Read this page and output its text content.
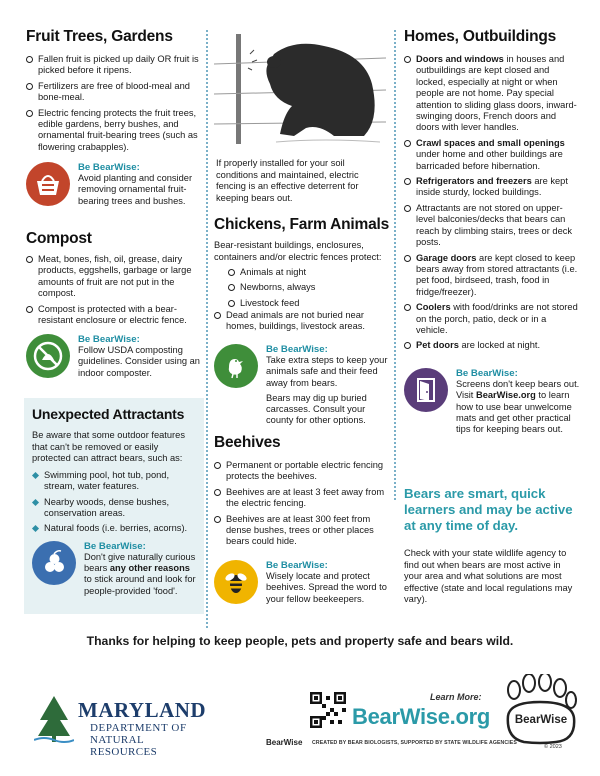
Fruit Trees, Gardens
Fallen fruit is picked up daily OR fruit is picked before it ripens.
Fertilizers are free of blood-meal and bone-meal.
Electric fencing protects the fruit trees, edible gardens, berry bushes, and ornamental fruit-bearing trees (such as flowering crabapples).
Be BearWise:
Avoid planting and consider removing ornamental fruit-bearing trees and bushes.
Compost
Meat, bones, fish, oil, grease, dairy products, eggshells, garbage or large amounts of fruit are not put in the compost.
Compost is protected with a bear-resistant enclosure or electric fence.
Be BearWise:
Follow USDA composting guidelines. Consider using an indoor composter.
Unexpected Attractants
Be aware that some outdoor features that can't be removed or easily protected can attract bears, such as:
Swimming pool, hot tub, pond, stream, water features.
Nearby woods, dense bushes, conservation areas.
Natural foods (i.e. berries, acorns).
Be BearWise:
Don't give naturally curious bears any other reasons to stick around and look for people-provided 'food'.
If properly installed for your soil conditions and maintained, electric fencing is an effective deterrent for keeping bears out.
Chickens, Farm Animals
Bear-resistant buildings, enclosures, containers and/or electric fences protect:
Animals at night
Newborns, always
Livestock feed
Dead animals are not buried near homes, buildings, livestock areas.
Be BearWise:
Take extra steps to keep your animals safe and their feed away from bears.
Bears may dig up buried carcasses. Consult your county for other options.
Beehives
Permanent or portable electric fencing protects the beehives.
Beehives are at least 3 feet away from the electric fencing.
Beehives are at least 300 feet from dense bushes, trees or other places bears could hide.
Be BearWise:
Wisely locate and protect beehives. Spread the word to your fellow beekeepers.
Homes, Outbuildings
Doors and windows in houses and outbuildings are kept closed and locked, especially at night or when people are not home. Pay special attention to sliding glass doors, inward-swinging doors, French doors and doors with lever handles.
Crawl spaces and small openings under home and other buildings are barricaded before hibernation.
Refrigerators and freezers are kept inside sturdy, locked buildings.
Attractants are not stored on upper-level balconies/decks that bears can reach by climbing stairs, trees or deck posts.
Garage doors are kept closed to keep bears away from stored attractants (i.e. pet food, birdseed, trash, food in fridge/freezer).
Coolers with food/drinks are not stored on the porch, patio, deck or in a vehicle.
Pet doors are locked at night.
Be BearWise:
Screens don't keep bears out. Visit BearWise.org to learn how to use bear unwelcome mats and get other practical tips for keeping bears out.
Bears are smart, quick learners and may be active at any time of day.
Check with your state wildlife agency to find out when bears are most active in your area and what solutions are most effective (state and local regulations may vary).
Thanks for helping to keep people, pets and property safe and bears wild.
MARYLAND
DEPARTMENT OF
NATURAL RESOURCES
Learn More:
BearWise.org
BearWise CREATED BY BEAR BIOLOGISTS, SUPPORTED BY STATE WILDLIFE AGENCIES
BearWise
© 2023
